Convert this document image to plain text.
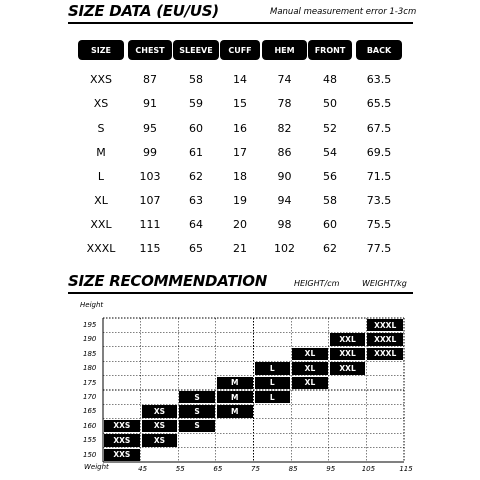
SIZE DATA (EU/US)	Manual measurement error 1-3cm
SIZE	CHEST	SLEEVE	CUFF	HEM	FRONT	BACK
XXS	87	58	14	74	48	63.5
XS	91	59	15	78	50	65.5
S	95	60	16	82	52	67.5
M	99	61	17	86	54	69.5
L	103	62	18	90	56	71.5
XL	107	63	19	94	58	73.5
XXL	111	64	20	98	60	75.5
XXXL	115	65	21	102	62	77.5
SIZE RECOMMENDATION	HEIGHT/cm	WEIGHT/kg
Height
Weight
195
190
185
180
175
170
165
160
155
150
45	55	65	75	85	95	105	115
XXS
XXS
XXS
XS
XS
XS
S
S
S
M
M
M
L
L
L
XL
XL
XL
XXL
XXL
XXL
XXXL
XXXL
XXXL
